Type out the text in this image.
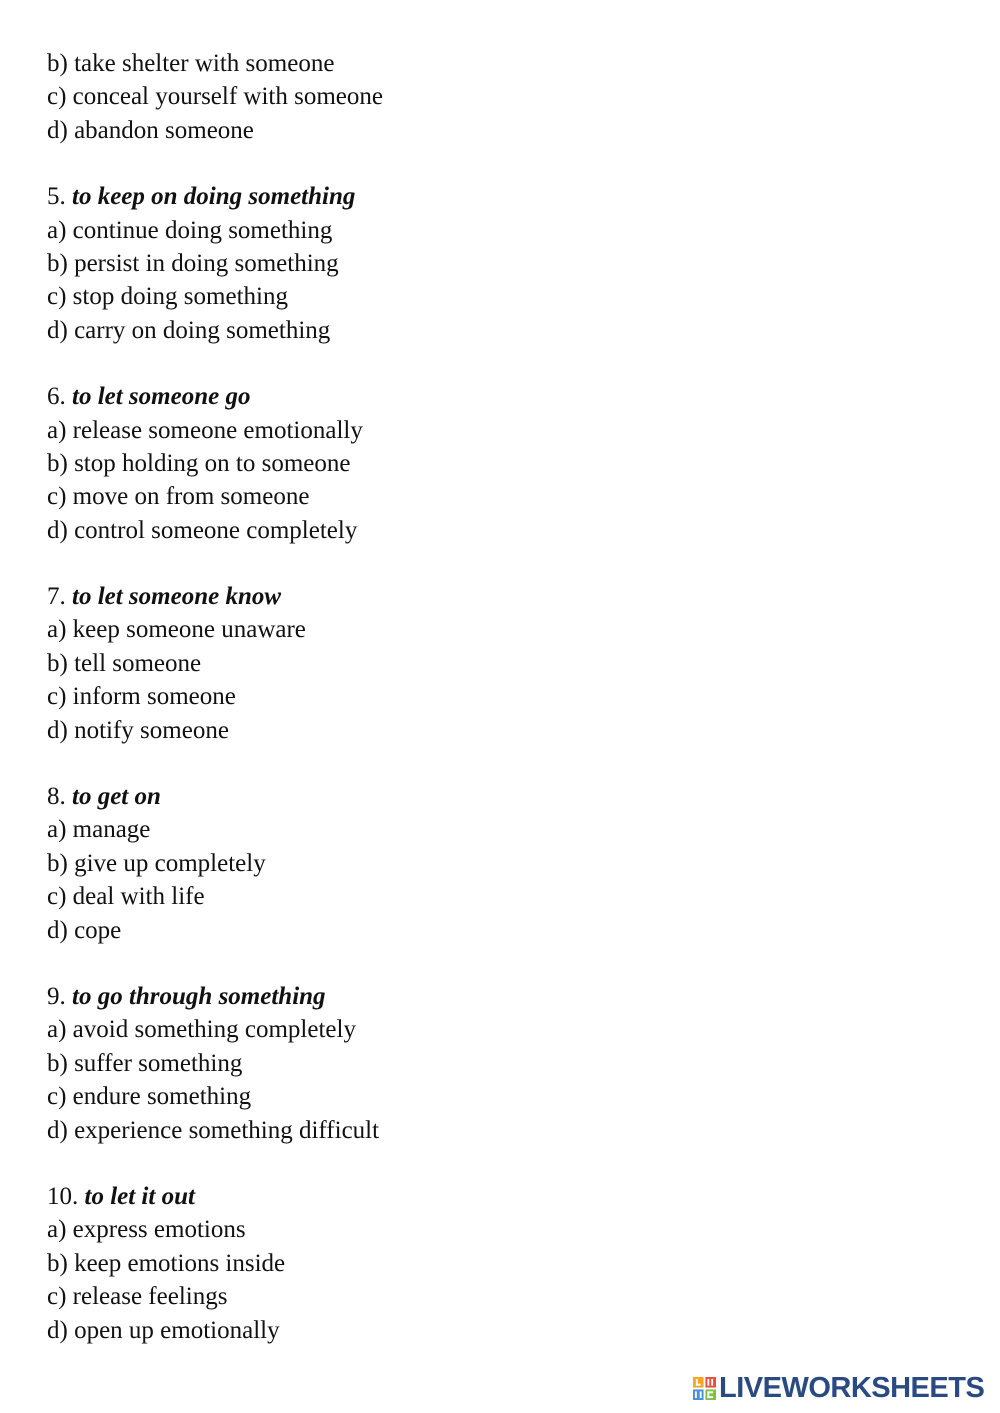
b) take shelter with someone
c) conceal yourself with someone
d) abandon someone
5. to keep on doing something
a) continue doing something
b) persist in doing something
c) stop doing something
d) carry on doing something
6. to let someone go
a) release someone emotionally
b) stop holding on to someone
c) move on from someone
d) control someone completely
7. to let someone know
a) keep someone unaware
b) tell someone
c) inform someone
d) notify someone
8. to get on
a) manage
b) give up completely
c) deal with life
d) cope
9. to go through something
a) avoid something completely
b) suffer something
c) endure something
d) experience something difficult
10. to let it out
a) express emotions
b) keep emotions inside
c) release feelings
d) open up emotionally
LIVEWORKSHEETS
